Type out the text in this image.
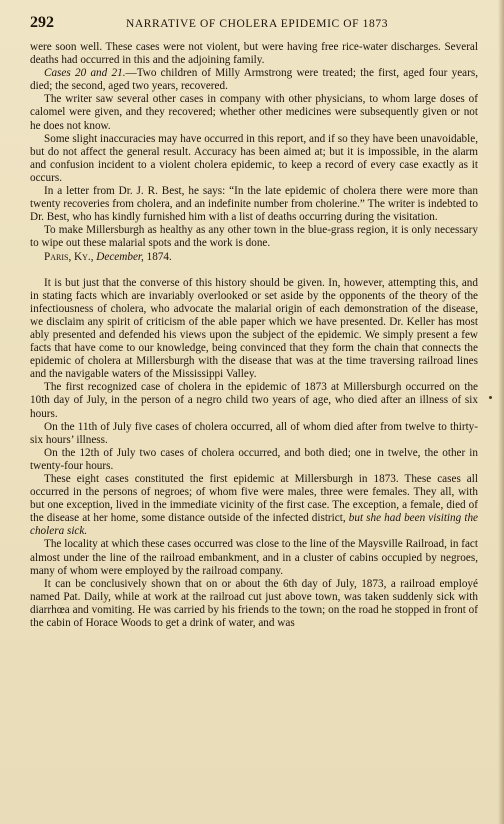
292	NARRATIVE OF CHOLERA EPIDEMIC OF 1873

were soon well. These cases were not violent, but were having free rice-water discharges. Several deaths had occurred in this and the adjoining family.

Cases 20 and 21.—Two children of Milly Armstrong were treated; the first, aged four years, died; the second, aged two years, recovered.

The writer saw several other cases in company with other physicians, to whom large doses of calomel were given, and they recovered; whether other medicines were subsequently given or not he does not know.

Some slight inaccuracies may have occurred in this report, and if so they have been unavoidable, but do not affect the general result. Accuracy has been aimed at; but it is impossible, in the alarm and confusion incident to a violent cholera epidemic, to keep a record of every case exactly as it occurs.

In a letter from Dr. J. R. Best, he says: “In the late epidemic of cholera there were more than twenty recoveries from cholera, and an indefinite number from cholerine.” The writer is indebted to Dr. Best, who has kindly furnished him with a list of deaths occurring during the visitation.

To make Millersburgh as healthy as any other town in the blue-grass region, it is only necessary to wipe out these malarial spots and the work is done.

Paris, Ky., December, 1874.

It is but just that the converse of this history should be given. In, however, attempting this, and in stating facts which are invariably overlooked or set aside by the opponents of the theory of the infectiousness of cholera, who advocate the malarial origin of each demonstration of the disease, we disclaim any spirit of criticism of the able paper which we have presented. Dr. Keller has most ably presented and defended his views upon the subject of the epidemic. We simply present a few facts that have come to our knowledge, being convinced that they form the chain that connects the epidemic of cholera at Millersburgh with the disease that was at the time traversing railroad lines and the navigable waters of the Mississippi Valley.

The first recognized case of cholera in the epidemic of 1873 at Millersburgh occurred on the 10th day of July, in the person of a negro child two years of age, who died after an illness of six hours.

On the 11th of July five cases of cholera occurred, all of whom died after from twelve to thirty-six hours’ illness.

On the 12th of July two cases of cholera occurred, and both died; one in twelve, the other in twenty-four hours.

These eight cases constituted the first epidemic at Millersburgh in 1873. These cases all occurred in the persons of negroes; of whom five were males, three were females. They all, with but one exception, lived in the immediate vicinity of the first case. The exception, a female, died of the disease at her home, some distance outside of the infected district, but she had been visiting the cholera sick.

The locality at which these cases occurred was close to the line of the Maysville Railroad, in fact almost under the line of the railroad embankment, and in a cluster of cabins occupied by negroes, many of whom were employed by the railroad company.

It can be conclusively shown that on or about the 6th day of July, 1873, a railroad employé named Pat. Daily, while at work at the railroad cut just above town, was taken suddenly sick with diarrhœa and vomiting. He was carried by his friends to the town; on the road he stopped in front of the cabin of Horace Woods to get a drink of water, and was
